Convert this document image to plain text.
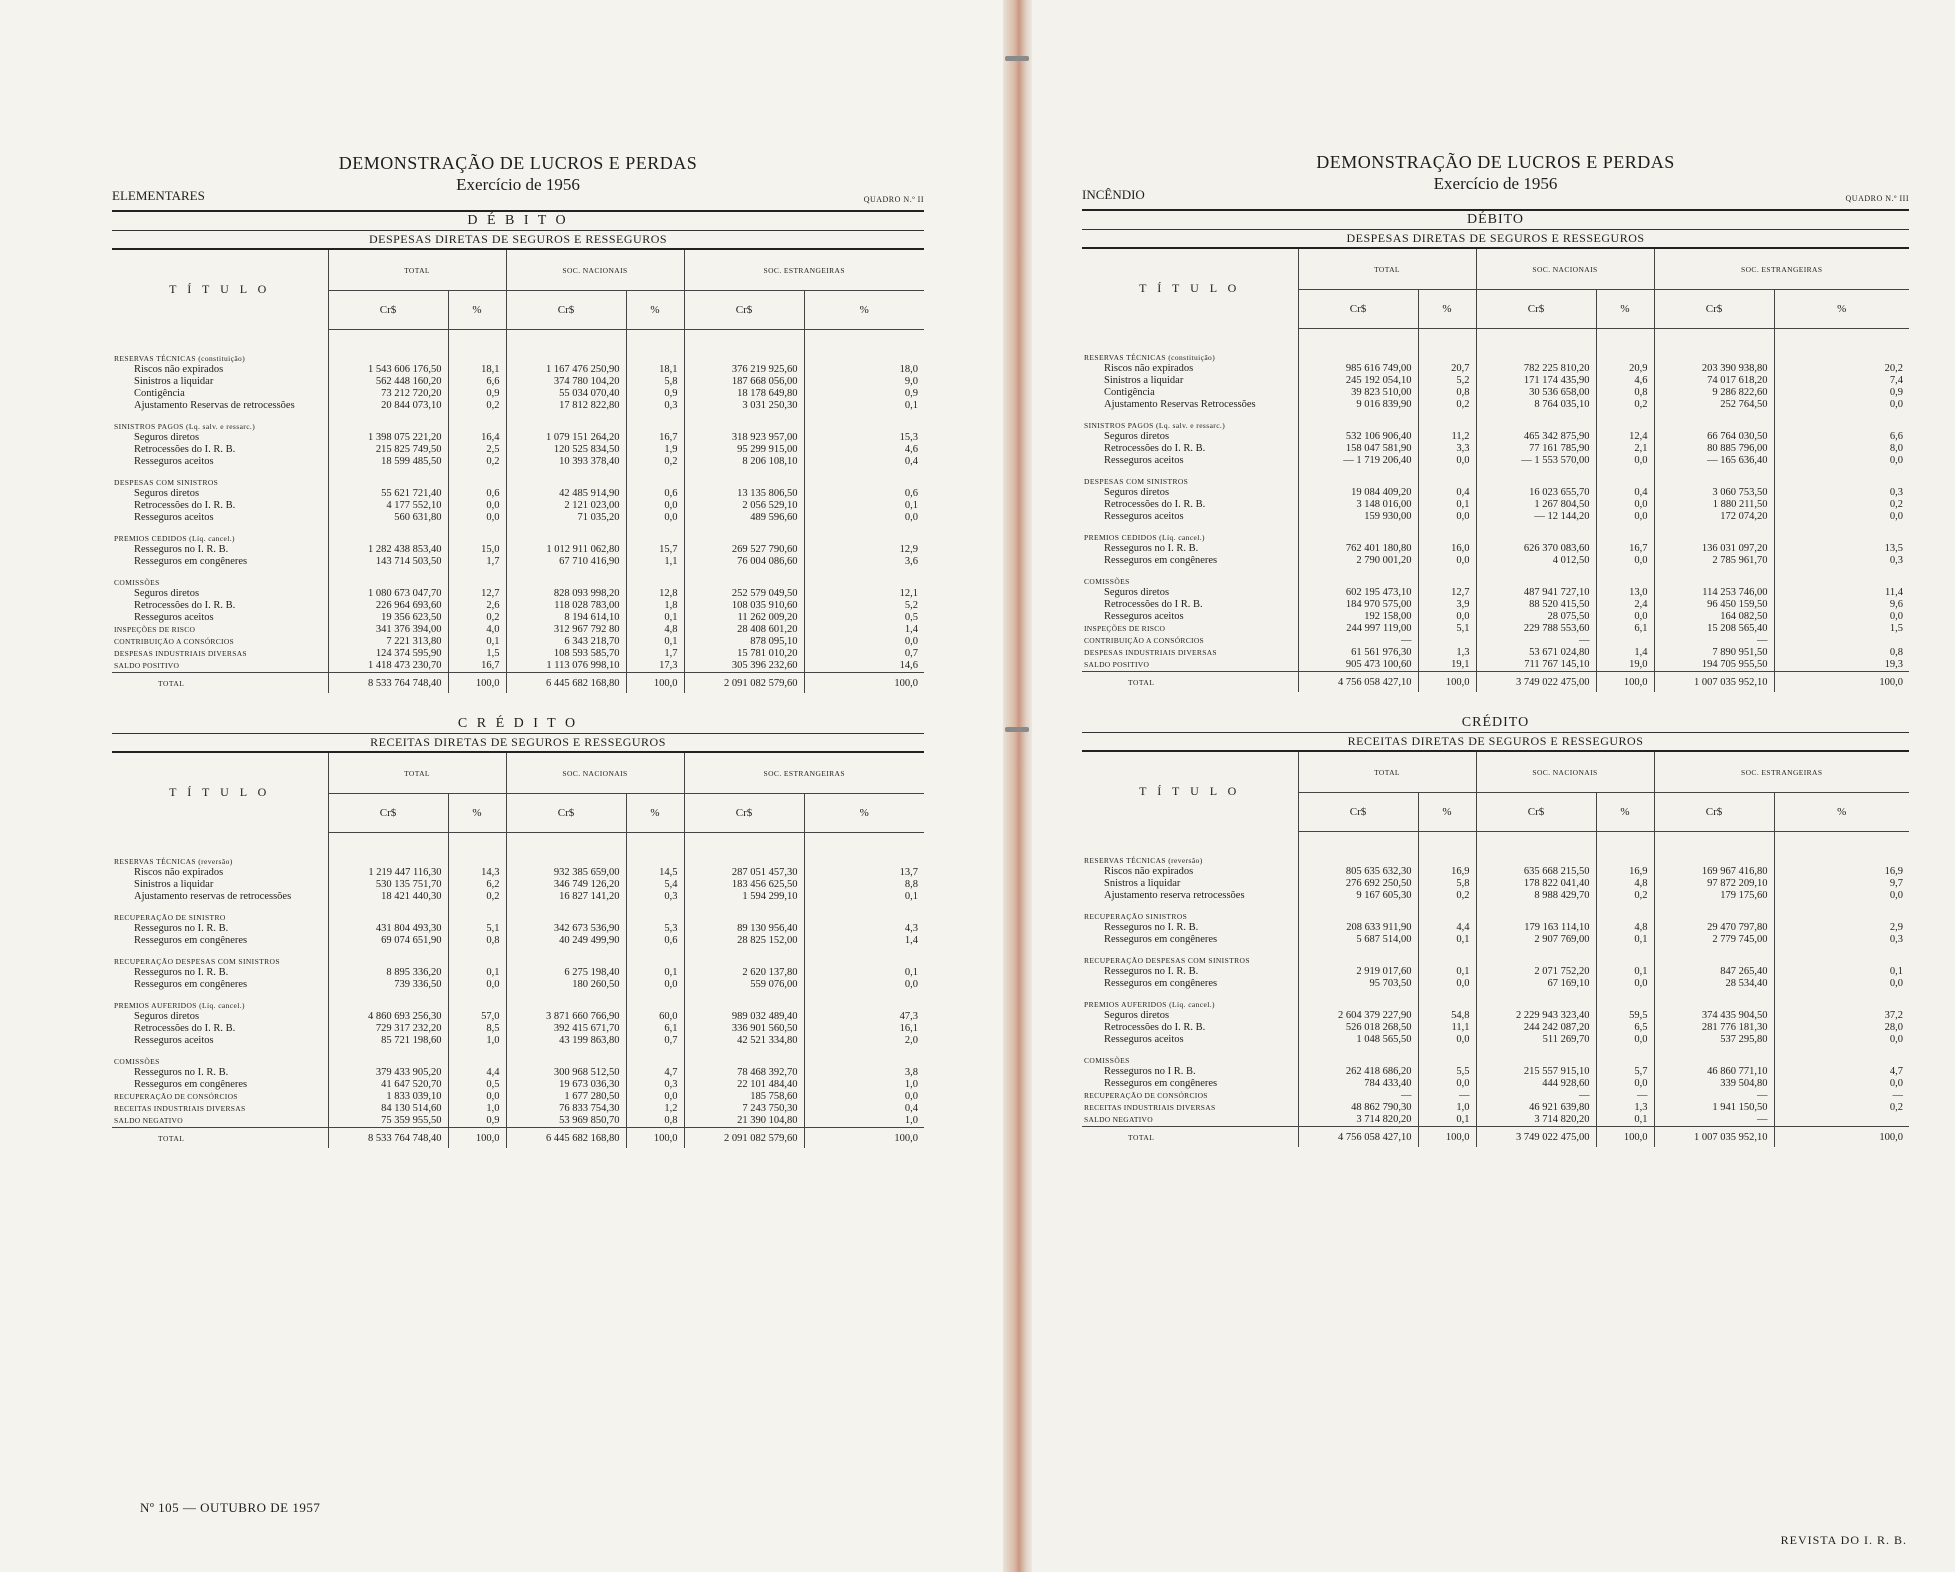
DEMONSTRAÇÃO DE LUCROS E PERDAS
Exercício de 1956
ELEMENTARES	QUADRO N.º II
D É B I T O
DESPESAS DIRETAS DE SEGUROS E RESSEGUROS
T Í T U L O	TOTAL		SOC. NACIONAIS		SOC. ESTRANGEIRAS	
	Cr$	%	Cr$	%	Cr$	%

RESERVAS TÉCNICAS (constituição)						
Riscos não expirados	1 543 606 176,50	18,1	1 167 476 250,90	18,1	376 219 925,60	18,0
Sinistros a liquidar	562 448 160,20	6,6	374 780 104,20	5,8	187 668 056,00	9,0
Contigência	73 212 720,20	0,9	55 034 070,40	0,9	18 178 649,80	0,9
Ajustamento Reservas de retrocessões	20 844 073,10	0,2	17 812 822,80	0,3	3 031 250,30	0,1
SINISTROS PAGOS (Lq. salv. e ressarc.)						
Seguros diretos	1 398 075 221,20	16,4	1 079 151 264,20	16,7	318 923 957,00	15,3
Retrocessões do I. R. B.	215 825 749,50	2,5	120 525 834,50	1,9	95 299 915,00	4,6
Resseguros aceitos	18 599 485,50	0,2	10 393 378,40	0,2	8 206 108,10	0,4
DESPESAS COM SINISTROS						
Seguros diretos	55 621 721,40	0,6	42 485 914,90	0,6	13 135 806,50	0,6
Retrocessões do I. R. B.	4 177 552,10	0,0	2 121 023,00	0,0	2 056 529,10	0,1
Resseguros aceitos	560 631,80	0,0	71 035,20	0,0	489 596,60	0,0
PREMIOS CEDIDOS (Líq. cancel.)						
Resseguros no I. R. B.	1 282 438 853,40	15,0	1 012 911 062,80	15,7	269 527 790,60	12,9
Resseguros em congêneres	143 714 503,50	1,7	67 710 416,90	1,1	76 004 086,60	3,6
COMISSÕES						
Seguros diretos	1 080 673 047,70	12,7	828 093 998,20	12,8	252 579 049,50	12,1
Retrocessões do I. R. B.	226 964 693,60	2,6	118 028 783,00	1,8	108 035 910,60	5,2
Resseguros aceitos	19 356 623,50	0,2	8 194 614,10	0,1	11 262 009,20	0,5
INSPEÇÕES DE RISCO	341 376 394,00	4,0	312 967 792 80	4,8	28 408 601,20	1,4
CONTRIBUIÇÃO A CONSÓRCIOS	7 221 313,80	0,1	6 343 218,70	0,1	878 095,10	0,0
DESPESAS INDUSTRIAIS DIVERSAS	124 374 595,90	1,5	108 593 585,70	1,7	15 781 010,20	0,7
SALDO POSITIVO	1 418 473 230,70	16,7	1 113 076 998,10	17,3	305 396 232,60	14,6
TOTAL	8 533 764 748,40	100,0	6 445 682 168,80	100,0	2 091 082 579,60	100,0
C R É D I T O
RECEITAS DIRETAS DE SEGUROS E RESSEGUROS
T Í T U L O	TOTAL		SOC. NACIONAIS		SOC. ESTRANGEIRAS	
	Cr$	%	Cr$	%	Cr$	%

RESERVAS TÉCNICAS (reversão)						
Riscos não expirados	1 219 447 116,30	14,3	932 385 659,00	14,5	287 051 457,30	13,7
Sinistros a liquidar	530 135 751,70	6,2	346 749 126,20	5,4	183 456 625,50	8,8
Ajustamento reservas de retrocessões	18 421 440,30	0,2	16 827 141,20	0,3	1 594 299,10	0,1
RECUPERAÇÃO DE SINISTRO						
Resseguros no I. R. B.	431 804 493,30	5,1	342 673 536,90	5,3	89 130 956,40	4,3
Resseguros em congêneres	69 074 651,90	0,8	40 249 499,90	0,6	28 825 152,00	1,4
RECUPERAÇÃO DESPESAS COM SINISTROS						
Resseguros no I. R. B.	8 895 336,20	0,1	6 275 198,40	0,1	2 620 137,80	0,1
Resseguros em congêneres	739 336,50	0,0	180 260,50	0,0	559 076,00	0,0
PREMIOS AUFERIDOS (Líq. cancel.)						
Seguros diretos	4 860 693 256,30	57,0	3 871 660 766,90	60,0	989 032 489,40	47,3
Retrocessões do I. R. B.	729 317 232,20	8,5	392 415 671,70	6,1	336 901 560,50	16,1
Resseguros aceitos	85 721 198,60	1,0	43 199 863,80	0,7	42 521 334,80	2,0
COMISSÕES						
Resseguros no I. R. B.	379 433 905,20	4,4	300 968 512,50	4,7	78 468 392,70	3,8
Resseguros em congêneres	41 647 520,70	0,5	19 673 036,30	0,3	22 101 484,40	1,0
RECUPERAÇÃO DE CONSÓRCIOS	1 833 039,10	0,0	1 677 280,50	0,0	185 758,60	0,0
RECEITAS INDUSTRIAIS DIVERSAS	84 130 514,60	1,0	76 833 754,30	1,2	7 243 750,30	0,4
SALDO NEGATIVO	75 359 955,50	0,9	53 969 850,70	0,8	21 390 104,80	1,0
TOTAL	8 533 764 748,40	100,0	6 445 682 168,80	100,0	2 091 082 579,60	100,0
Nº 105 — OUTUBRO DE 1957
DEMONSTRAÇÃO DE LUCROS E PERDAS
Exercício de 1956
INCÊNDIO	QUADRO N.º III
DÉBITO
DESPESAS DIRETAS DE SEGUROS E RESSEGUROS
T Í T U L O	TOTAL		SOC. NACIONAIS		SOC. ESTRANGEIRAS	
	Cr$	%	Cr$	%	Cr$	%

RESERVAS TÉCNICAS (constituição)						
Riscos não expirados	985 616 749,00	20,7	782 225 810,20	20,9	203 390 938,80	20,2
Sinistros a liquidar	245 192 054,10	5,2	171 174 435,90	4,6	74 017 618,20	7,4
Contigência	39 823 510,00	0,8	30 536 658,00	0,8	9 286 822,60	0,9
Ajustamento Reservas Retrocessões	9 016 839,90	0,2	8 764 035,10	0,2	252 764,50	0,0
SINISTROS PAGOS (Lq. salv. e ressarc.)						
Seguros diretos	532 106 906,40	11,2	465 342 875,90	12,4	66 764 030,50	6,6
Retrocessões do I. R. B.	158 047 581,90	3,3	77 161 785,90	2,1	80 885 796,00	8,0
Resseguros aceitos	— 1 719 206,40	0,0	— 1 553 570,00	0,0	— 165 636,40	0,0
DESPESAS COM SINISTROS						
Seguros diretos	19 084 409,20	0,4	16 023 655,70	0,4	3 060 753,50	0,3
Retrocessões do I. R. B.	3 148 016,00	0,1	1 267 804,50	0,0	1 880 211,50	0,2
Resseguros aceitos	159 930,00	0,0	— 12 144,20	0,0	172 074,20	0,0
PREMIOS CEDIDOS (Líq. cancel.)						
Resseguros no I. R. B.	762 401 180,80	16,0	626 370 083,60	16,7	136 031 097,20	13,5
Resseguros em congêneres	2 790 001,20	0,0	4 012,50	0,0	2 785 961,70	0,3
COMISSÕES						
Seguros diretos	602 195 473,10	12,7	487 941 727,10	13,0	114 253 746,00	11,4
Retrocessões do I R. B.	184 970 575,00	3,9	88 520 415,50	2,4	96 450 159,50	9,6
Resseguros aceitos	192 158,00	0,0	28 075,50	0,0	164 082,50	0,0
INSPEÇÕES DE RISCO	244 997 119,00	5,1	229 788 553,60	6,1	15 208 565,40	1,5
CONTRIBUIÇÃO A CONSÓRCIOS	—		—		—	
DESPESAS INDUSTRIAIS DIVERSAS	61 561 976,30	1,3	53 671 024,80	1,4	7 890 951,50	0,8
SALDO POSITIVO	905 473 100,60	19,1	711 767 145,10	19,0	194 705 955,50	19,3
TOTAL	4 756 058 427,10	100,0	3 749 022 475,00	100,0	1 007 035 952,10	100,0
CRÉDITO
RECEITAS DIRETAS DE SEGUROS E RESSEGUROS
T Í T U L O	TOTAL		SOC. NACIONAIS		SOC. ESTRANGEIRAS	
	Cr$	%	Cr$	%	Cr$	%

RESERVAS TÉCNICAS (reversão)						
Riscos não expirados	805 635 632,30	16,9	635 668 215,50	16,9	169 967 416,80	16,9
Snistros a liquidar	276 692 250,50	5,8	178 822 041,40	4,8	97 872 209,10	9,7
Ajustamento reserva retrocessões	9 167 605,30	0,2	8 988 429,70	0,2	179 175,60	0,0
RECUPERAÇÃO SINISTROS						
Resseguros no I. R. B.	208 633 911,90	4,4	179 163 114,10	4,8	29 470 797,80	2,9
Resseguros em congêneres	5 687 514,00	0,1	2 907 769,00	0,1	2 779 745,00	0,3
RECUPERAÇÃO DESPESAS COM SINISTROS						
Resseguros no I. R. B.	2 919 017,60	0,1	2 071 752,20	0,1	847 265,40	0,1
Resseguros em congêneres	95 703,50	0,0	67 169,10	0,0	28 534,40	0,0
PREMIOS AUFERIDOS (Líq. cancel.)						
Seguros diretos	2 604 379 227,90	54,8	2 229 943 323,40	59,5	374 435 904,50	37,2
Retrocessões do I. R. B.	526 018 268,50	11,1	244 242 087,20	6,5	281 776 181,30	28,0
Resseguros aceitos	1 048 565,50	0,0	511 269,70	0,0	537 295,80	0,0
COMISSÕES						
Resseguros no I R. B.	262 418 686,20	5,5	215 557 915,10	5,7	46 860 771,10	4,7
Resseguros em congêneres	784 433,40	0,0	444 928,60	0,0	339 504,80	0,0
RECUPERAÇÃO DE CONSÓRCIOS	—	—	—	—	—	—
RECEITAS INDUSTRIAIS DIVERSAS	48 862 790,30	1,0	46 921 639,80	1,3	1 941 150,50	0,2
SALDO NEGATIVO	3 714 820,20	0,1	3 714 820,20	0,1	—	
TOTAL	4 756 058 427,10	100,0	3 749 022 475,00	100,0	1 007 035 952,10	100,0
REVISTA DO I. R. B.
